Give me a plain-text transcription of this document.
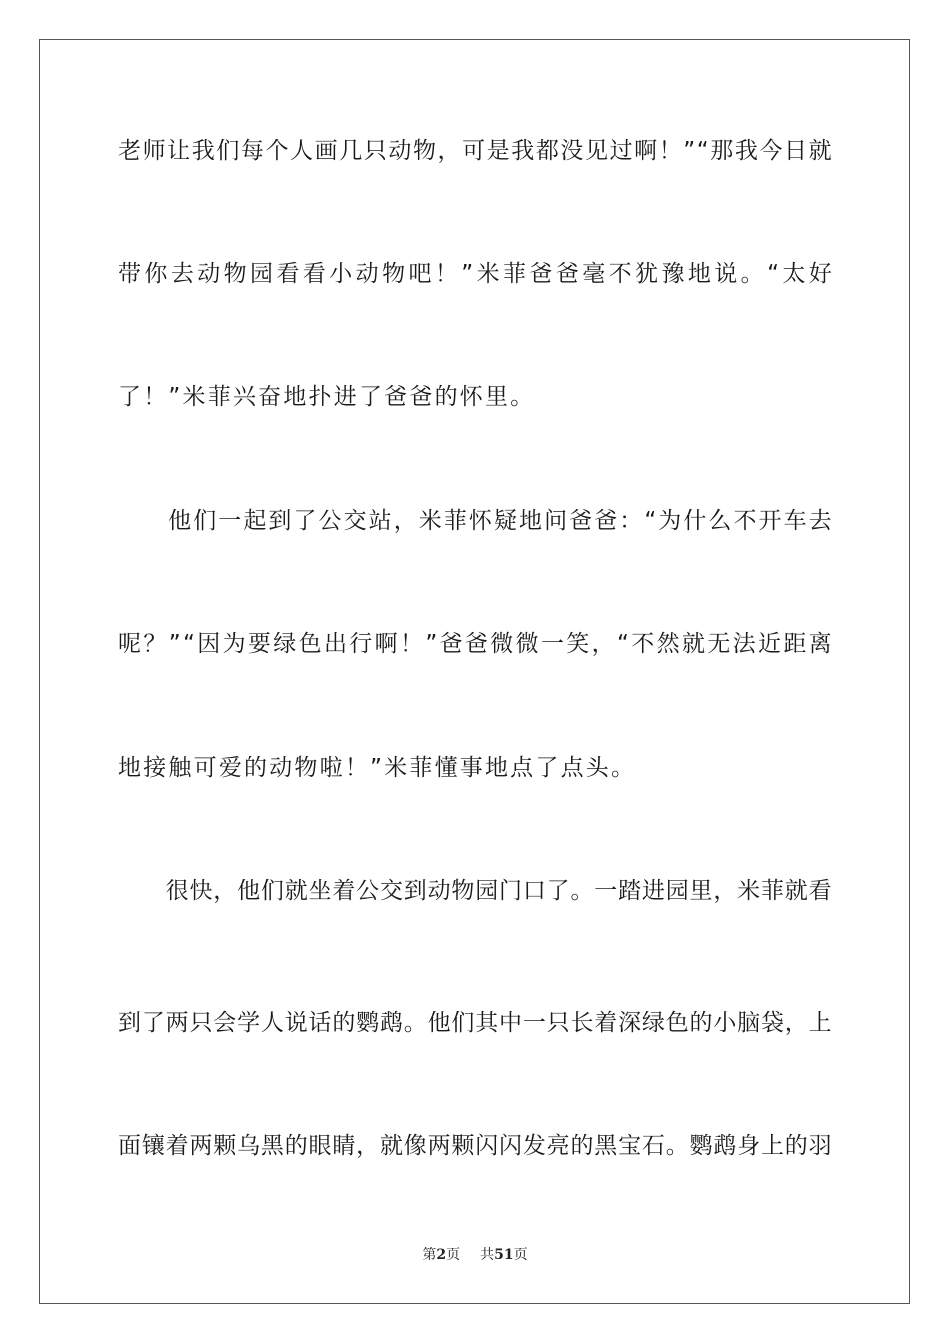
老 师 让 我 们 每 个 人 画 几 只 动 物 ， 可 是 我 都 没 见 过 啊 ！ ” “ 那 我 今 日 就
带 你 去 动 物 园 看 看 小 动 物 吧 ！ ” 米 菲 爸 爸 毫 不 犹 豫 地 说 。 “ 太 好
了 ！ ” 米 菲 兴 奋 地 扑 进 了 爸 爸 的 怀 里 。

他 们 一 起 到 了 公 交 站 ， 米 菲 怀 疑 地 问 爸 爸 ： “ 为 什 么 不 开 车 去
呢 ？ ” “ 因 为 要 绿 色 出 行 啊 ！ ” 爸 爸 微 微 一 笑 ， “ 不 然 就 无 法 近 距 离
地 接 触 可 爱 的 动 物 啦 ！ ” 米 菲 懂 事 地 点 了 点 头 。

很 快 ， 他 们 就 坐 着 公 交 到 动 物 园 门 口 了 。 一 踏 进 园 里 ， 米 菲 就 看
到 了 两 只 会 学 人 说 话 的 鹦 鹉 。 他 们 其 中 一 只 长 着 深 绿 色 的 小 脑 袋 ， 上
面 镶 着 两 颗 乌 黑 的 眼 睛 ， 就 像 两 颗 闪 闪 发 亮 的 黑 宝 石 。 鹦 鹉 身 上 的 羽
第2页 共51页
